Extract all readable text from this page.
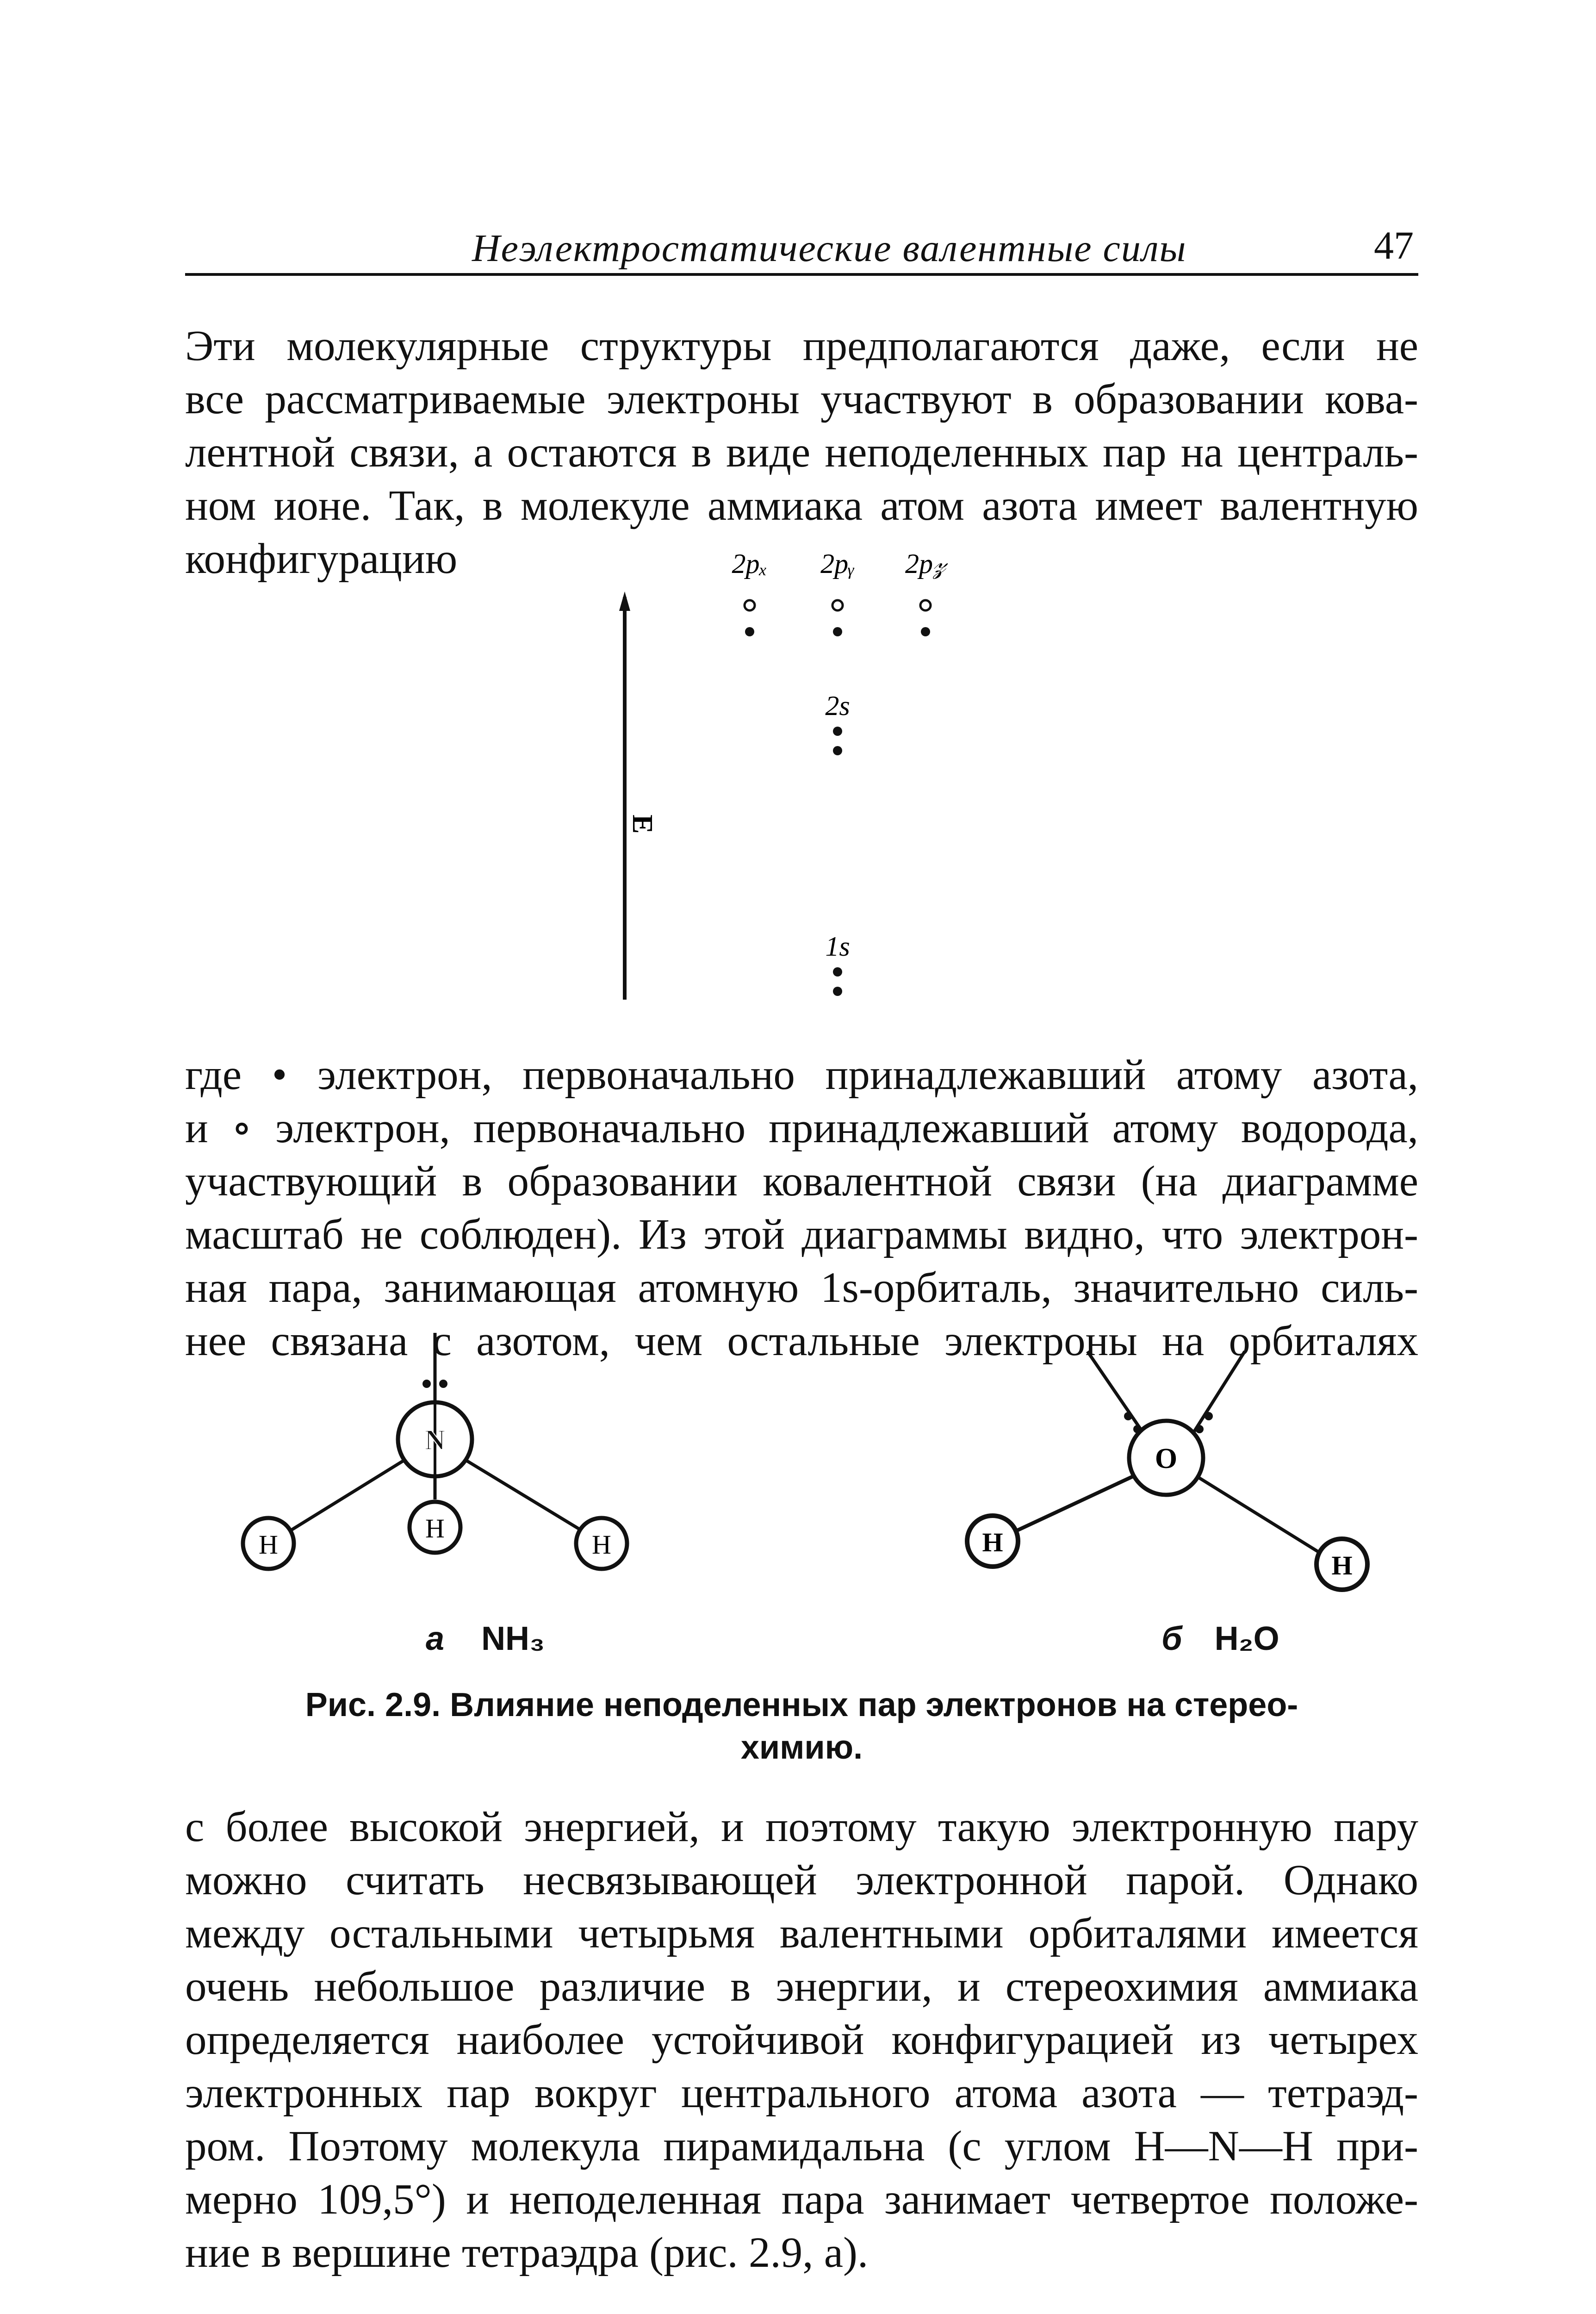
Неэлектростатические валентные силы	47
Эти молекулярные структуры предполагаются даже, если не
все рассматриваемые электроны участвуют в образовании кова-
лентной связи, а остаются в виде неподеленных пар на централь-
ном ионе. Так, в молекуле аммиака атом азота имеет валентную
конфигурацию
E
2pₓ 2pᵧ 2p𝓏
2s
1s
где • электрон, первоначально принадлежавший атому азота,
и ∘ электрон, первоначально принадлежавший атому водорода,
участвующий в образовании ковалентной связи (на диаграмме
масштаб не соблюден). Из этой диаграммы видно, что электрон-
ная пара, занимающая атомную 1s-орбиталь, значительно силь-
нее связана с азотом, чем остальные электроны на орбиталях
N
H
H
H
O
H
H
а NH₃	б H₂O
Рис. 2.9. Влияние неподеленных пар электронов на стерео-
химию.
с более высокой энергией, и поэтому такую электронную пару
можно считать несвязывающей электронной парой. Однако
между остальными четырьмя валентными орбиталями имеется
очень небольшое различие в энергии, и стереохимия аммиака
определяется наиболее устойчивой конфигурацией из четырех
электронных пар вокруг центрального атома азота — тетраэд-
ром. Поэтому молекула пирамидальна (с углом H—N—H при-
мерно 109,5°) и неподеленная пара занимает четвертое положе-
ние в вершине тетраэдра (рис. 2.9, а).
